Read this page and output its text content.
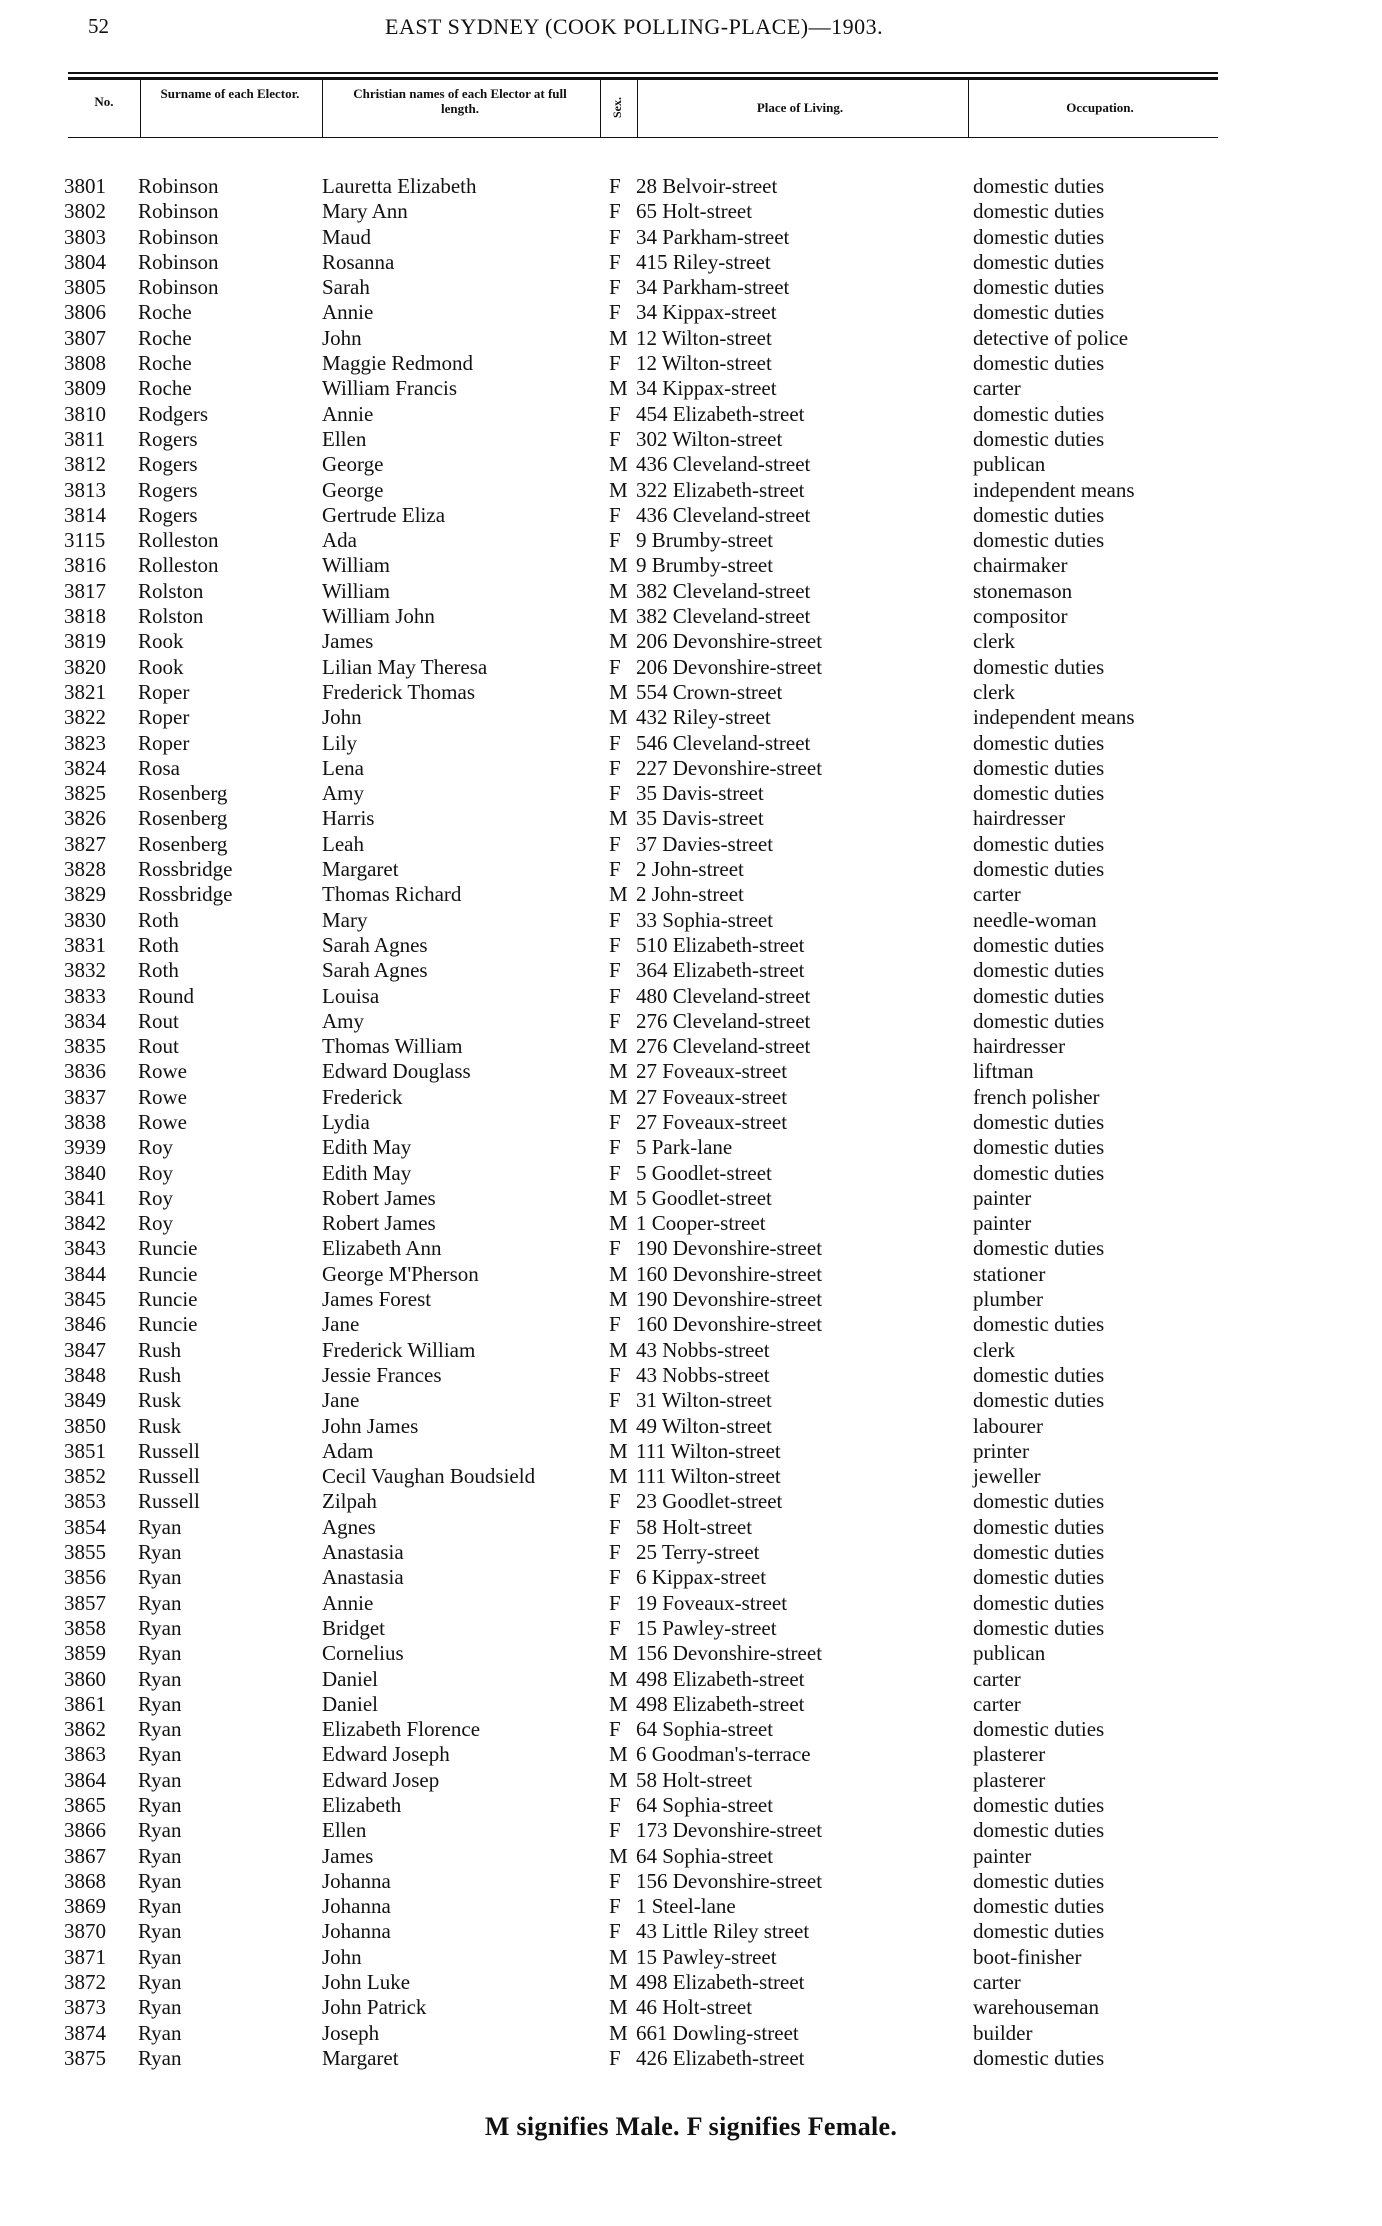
52	EAST SYDNEY (COOK POLLING-PLACE)—1903.
No.
Surname of each Elector.	Christian names of each Elector at full length.	Sex.	Place of Living.	Occupation.
3801 Robinson	Lauretta Elizabeth	F 28 Belvoir-street	domestic duties
3802 Robinson	Mary Ann	F 65 Holt-street	domestic duties
3803 Robinson	Maud	F 34 Parkham-street	domestic duties
3804 Robinson	Rosanna	F 415 Riley-street	domestic duties
3805 Robinson	Sarah	F 34 Parkham-street	domestic duties
3806 Roche	Annie	F 34 Kippax-street	domestic duties
3807 Roche	John	M 12 Wilton-street	detective of police
3808 Roche	Maggie Redmond	F 12 Wilton-street	domestic duties
3809 Roche	William Francis	M 34 Kippax-street	carter
3810 Rodgers	Annie	F 454 Elizabeth-street	domestic duties
3811 Rogers	Ellen	F 302 Wilton-street	domestic duties
3812 Rogers	George	M 436 Cleveland-street	publican
3813 Rogers	George	M 322 Elizabeth-street	independent means
3814 Rogers	Gertrude Eliza	F 436 Cleveland-street	domestic duties
3115 Rolleston	Ada	F 9 Brumby-street	domestic duties
3816 Rolleston	William	M 9 Brumby-street	chairmaker
3817 Rolston	William	M 382 Cleveland-street	stonemason
3818 Rolston	William John	M 382 Cleveland-street	compositor
3819 Rook	James	M 206 Devonshire-street	clerk
3820 Rook	Lilian May Theresa	F 206 Devonshire-street	domestic duties
3821 Roper	Frederick Thomas	M 554 Crown-street	clerk
3822 Roper	John	M 432 Riley-street	independent means
3823 Roper	Lily	F 546 Cleveland-street	domestic duties
3824 Rosa	Lena	F 227 Devonshire-street	domestic duties
3825 Rosenberg	Amy	F 35 Davis-street	domestic duties
3826 Rosenberg	Harris	M 35 Davis-street	hairdresser
3827 Rosenberg	Leah	F 37 Davies-street	domestic duties
3828 Rossbridge	Margaret	F 2 John-street	domestic duties
3829 Rossbridge	Thomas Richard	M 2 John-street	carter
3830 Roth	Mary	F 33 Sophia-street	needle-woman
3831 Roth	Sarah Agnes	F 510 Elizabeth-street	domestic duties
3832 Roth	Sarah Agnes	F 364 Elizabeth-street	domestic duties
3833 Round	Louisa	F 480 Cleveland-street	domestic duties
3834 Rout	Amy	F 276 Cleveland-street	domestic duties
3835 Rout	Thomas William	M 276 Cleveland-street	hairdresser
3836 Rowe	Edward Douglass	M 27 Foveaux-street	liftman
3837 Rowe	Frederick	M 27 Foveaux-street	french polisher
3838 Rowe	Lydia	F 27 Foveaux-street	domestic duties
3939 Roy	Edith May	F 5 Park-lane	domestic duties
3840 Roy	Edith May	F 5 Goodlet-street	domestic duties
3841 Roy	Robert James	M 5 Goodlet-street	painter
3842 Roy	Robert James	M 1 Cooper-street	painter
3843 Runcie	Elizabeth Ann	F 190 Devonshire-street	domestic duties
3844 Runcie	George M'Pherson	M 160 Devonshire-street	stationer
3845 Runcie	James Forest	M 190 Devonshire-street	plumber
3846 Runcie	Jane	F 160 Devonshire-street	domestic duties
3847 Rush	Frederick William	M 43 Nobbs-street	clerk
3848 Rush	Jessie Frances	F 43 Nobbs-street	domestic duties
3849 Rusk	Jane	F 31 Wilton-street	domestic duties
3850 Rusk	John James	M 49 Wilton-street	labourer
3851 Russell	Adam	M 111 Wilton-street	printer
3852 Russell	Cecil Vaughan Boudsield	M 111 Wilton-street	jeweller
3853 Russell	Zilpah	F 23 Goodlet-street	domestic duties
3854 Ryan	Agnes	F 58 Holt-street	domestic duties
3855 Ryan	Anastasia	F 25 Terry-street	domestic duties
3856 Ryan	Anastasia	F 6 Kippax-street	domestic duties
3857 Ryan	Annie	F 19 Foveaux-street	domestic duties
3858 Ryan	Bridget	F 15 Pawley-street	domestic duties
3859 Ryan	Cornelius	M 156 Devonshire-street	publican
3860 Ryan	Daniel	M 498 Elizabeth-street	carter
3861 Ryan	Daniel	M 498 Elizabeth-street	carter
3862 Ryan	Elizabeth Florence	F 64 Sophia-street	domestic duties
3863 Ryan	Edward Joseph	M 6 Goodman's-terrace	plasterer
3864 Ryan	Edward Josep	M 58 Holt-street	plasterer
3865 Ryan	Elizabeth	F 64 Sophia-street	domestic duties
3866 Ryan	Ellen	F 173 Devonshire-street	domestic duties
3867 Ryan	James	M 64 Sophia-street	painter
3868 Ryan	Johanna	F 156 Devonshire-street	domestic duties
3869 Ryan	Johanna	F 1 Steel-lane	domestic duties
3870 Ryan	Johanna	F 43 Little Riley street	domestic duties
3871 Ryan	John	M 15 Pawley-street	boot-finisher
3872 Ryan	John Luke	M 498 Elizabeth-street	carter
3873 Ryan	John Patrick	M 46 Holt-street	warehouseman
3874 Ryan	Joseph	M 661 Dowling-street	builder
3875 Ryan	Margaret	F 426 Elizabeth-street	domestic duties
M signifies Male. F signifies Female.
